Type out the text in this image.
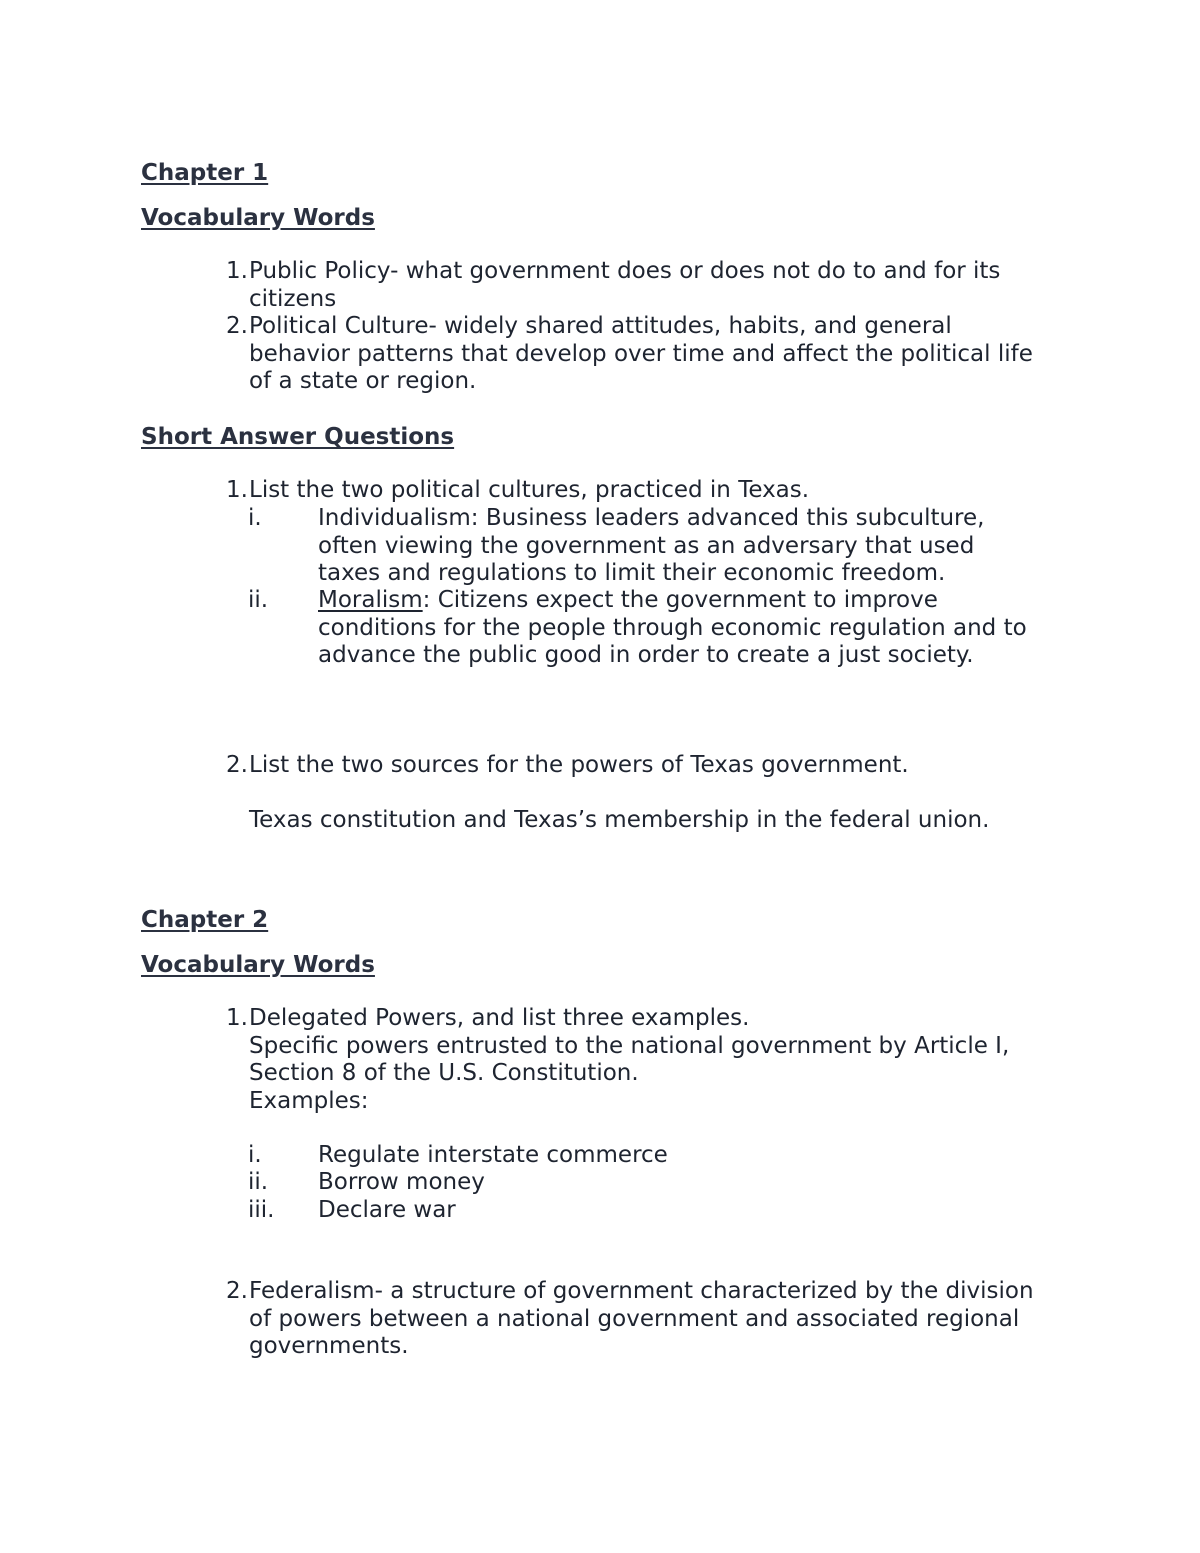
Chapter 1
Vocabulary Words
1. Public Policy- what government does or does not do to and for its
citizens
2. Political Culture- widely shared attitudes, habits, and general
behavior patterns that develop over time and affect the political life
of a state or region.
Short Answer Questions
1. List the two political cultures, practiced in Texas.
i. Individualism: Business leaders advanced this subculture,
often viewing the government as an adversary that used
taxes and regulations to limit their economic freedom.
ii. Moralism: Citizens expect the government to improve
conditions for the people through economic regulation and to
advance the public good in order to create a just society.
2. List the two sources for the powers of Texas government.
Texas constitution and Texas’s membership in the federal union.
Chapter 2
Vocabulary Words
1. Delegated Powers, and list three examples.
Specific powers entrusted to the national government by Article I,
Section 8 of the U.S. Constitution.
Examples:
i. Regulate interstate commerce
ii. Borrow money
iii. Declare war
2. Federalism- a structure of government characterized by the division
of powers between a national government and associated regional
governments.
